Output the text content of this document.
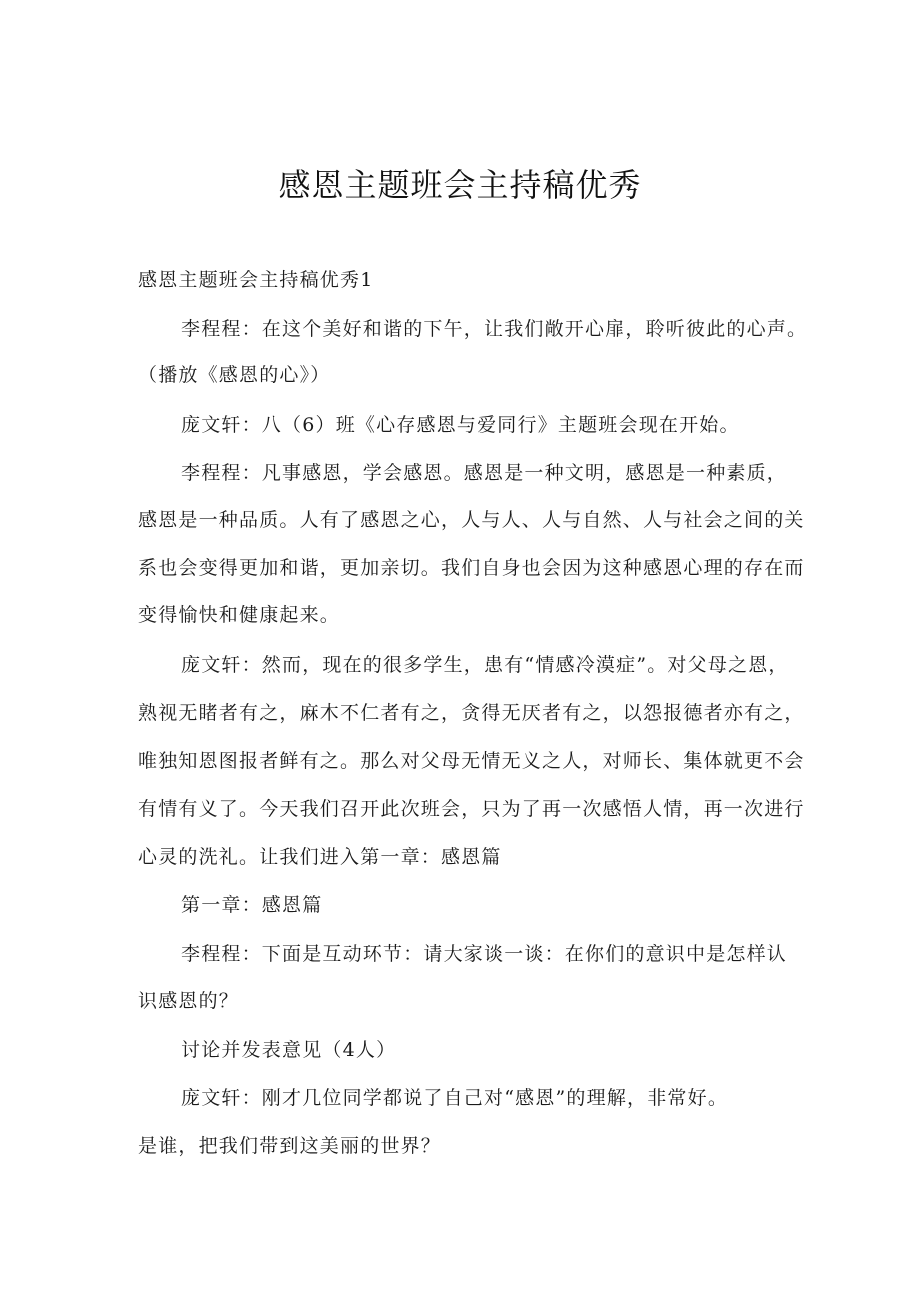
感恩主题班会主持稿优秀

感恩主题班会主持稿优秀1

李程程：在这个美好和谐的下午，让我们敞开心扉，聆听彼此的心声。

（播放《感恩的心》）

庞文轩：八（6）班《心存感恩与爱同行》主题班会现在开始。

李程程：凡事感恩，学会感恩。感恩是一种文明，感恩是一种素质，

感恩是一种品质。人有了感恩之心，人与人、人与自然、人与社会之间的关

系也会变得更加和谐，更加亲切。我们自身也会因为这种感恩心理的存在而

变得愉快和健康起来。

庞文轩：然而，现在的很多学生，患有“情感冷漠症”。对父母之恩，

熟视无睹者有之，麻木不仁者有之，贪得无厌者有之，以怨报德者亦有之，

唯独知恩图报者鲜有之。那么对父母无情无义之人，对师长、集体就更不会

有情有义了。今天我们召开此次班会，只为了再一次感悟人情，再一次进行

心灵的洗礼。让我们进入第一章：感恩篇

第一章：感恩篇

李程程：下面是互动环节：请大家谈一谈：在你们的意识中是怎样认

识感恩的？

讨论并发表意见（4人）

庞文轩：刚才几位同学都说了自己对“感恩”的理解，非常好。

是谁，把我们带到这美丽的世界？
